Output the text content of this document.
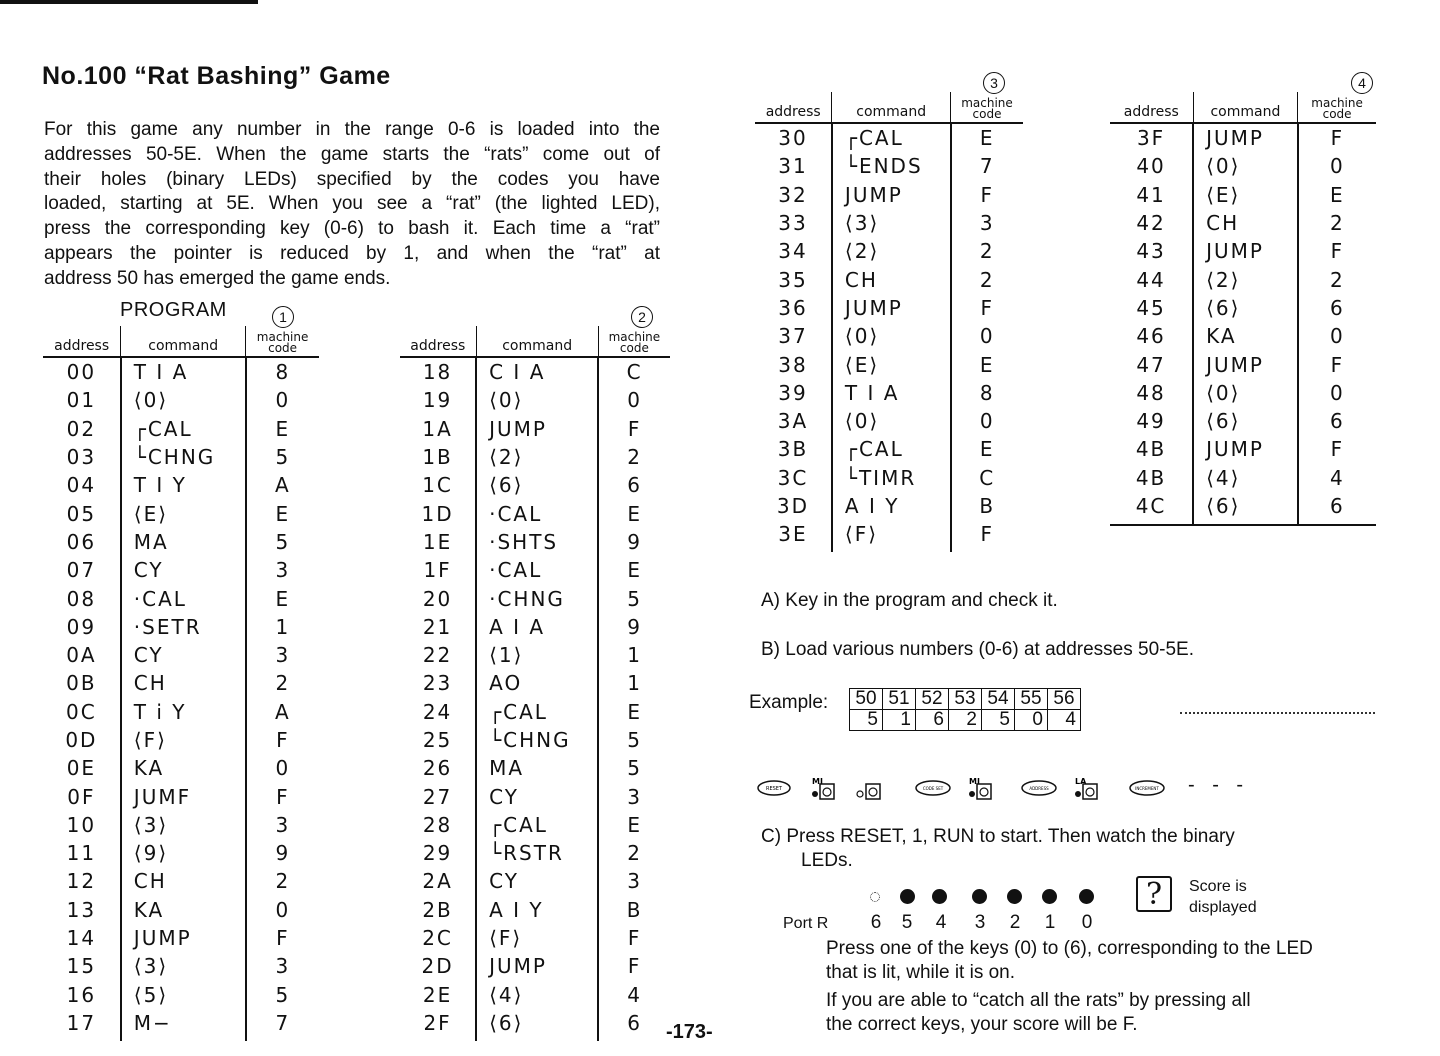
No.100 “Rat Bashing” Game
For this game any number in the range 0-6 is loaded into the
addresses 50-5E. When the game starts the “rats” come out of
their holes (binary LEDs) specified by the codes you have
loaded, starting at 5E. When you see a “rat” (the lighted LED),
press the corresponding key (0-6) to bash it. Each time a “rat”
appears the pointer is reduced by 1, and when the “rat” at
address 50 has emerged the game ends.
PROGRAM	1	2
3	4
address	command	machine
code

00	T I A	8
01	⟨0⟩	0
02	┌CAL	E
03	└CHNG	5
04	T I Y	A
05	⟨E⟩	E
06	MA	5
07	CY	3
08	·CAL	E
09	·SETR	1
0A	CY	3
0B	CH	2
0C	T i Y	A
0D	⟨F⟩	F
0E	KA	0
0F	JUMF	F
10	⟨3⟩	3
11	⟨9⟩	9
12	CH	2
13	KA	0
14	JUMP	F
15	⟨3⟩	3
16	⟨5⟩	5
17	M−	7

address	command	machine
code

18	C I A	C
19	⟨0⟩	0
1A	JUMP	F
1B	⟨2⟩	2
1C	⟨6⟩	6
1D	·CAL	E
1E	·SHTS	9
1F	·CAL	E
20	·CHNG	5
21	A I A	9
22	⟨1⟩	1
23	AO	1
24	┌CAL	E
25	└CHNG	5
26	MA	5
27	CY	3
28	┌CAL	E
29	└RSTR	2
2A	CY	3
2B	A I Y	B
2C	⟨F⟩	F
2D	JUMP	F
2E	⟨4⟩	4
2F	⟨6⟩	6

address	command	machine
code

30	┌CAL	E
31	└ENDS	7
32	JUMP	F
33	⟨3⟩	3
34	⟨2⟩	2
35	CH	2
36	JUMP	F
37	⟨0⟩	0
38	⟨E⟩	E
39	T I A	8
3A	⟨0⟩	0
3B	┌CAL	E
3C	└TIMR	C
3D	A I Y	B
3E	⟨F⟩	F

address	command	machine
code

3F	JUMP	F
40	⟨0⟩	0
41	⟨E⟩	E
42	CH	2
43	JUMP	F
44	⟨2⟩	2
45	⟨6⟩	6
46	KA	0
47	JUMP	F
48	⟨0⟩	0
49	⟨6⟩	6
4B	JUMP	F
4B	⟨4⟩	4
4C	⟨6⟩	6

A) Key in the program and check it.
B) Load various numbers (0-6) at addresses 50-5E.
Example: 50	51	52	53	54	55	56
5	1	6	2	5	0	4
RESET
MI
CODE SET
MI
ADDRESS
LA
INCREMENT - - -
C) Press RESET, 1, RUN to start. Then watch the binary
LEDs.
?	Score is
displayed
Port R 6 5 4 3 2 1 0
Press one of the keys (0) to (6), corresponding to the LED
that is lit, while it is on.
If you are able to “catch all the rats” by pressing all
the correct keys, your score will be F.
-173-
